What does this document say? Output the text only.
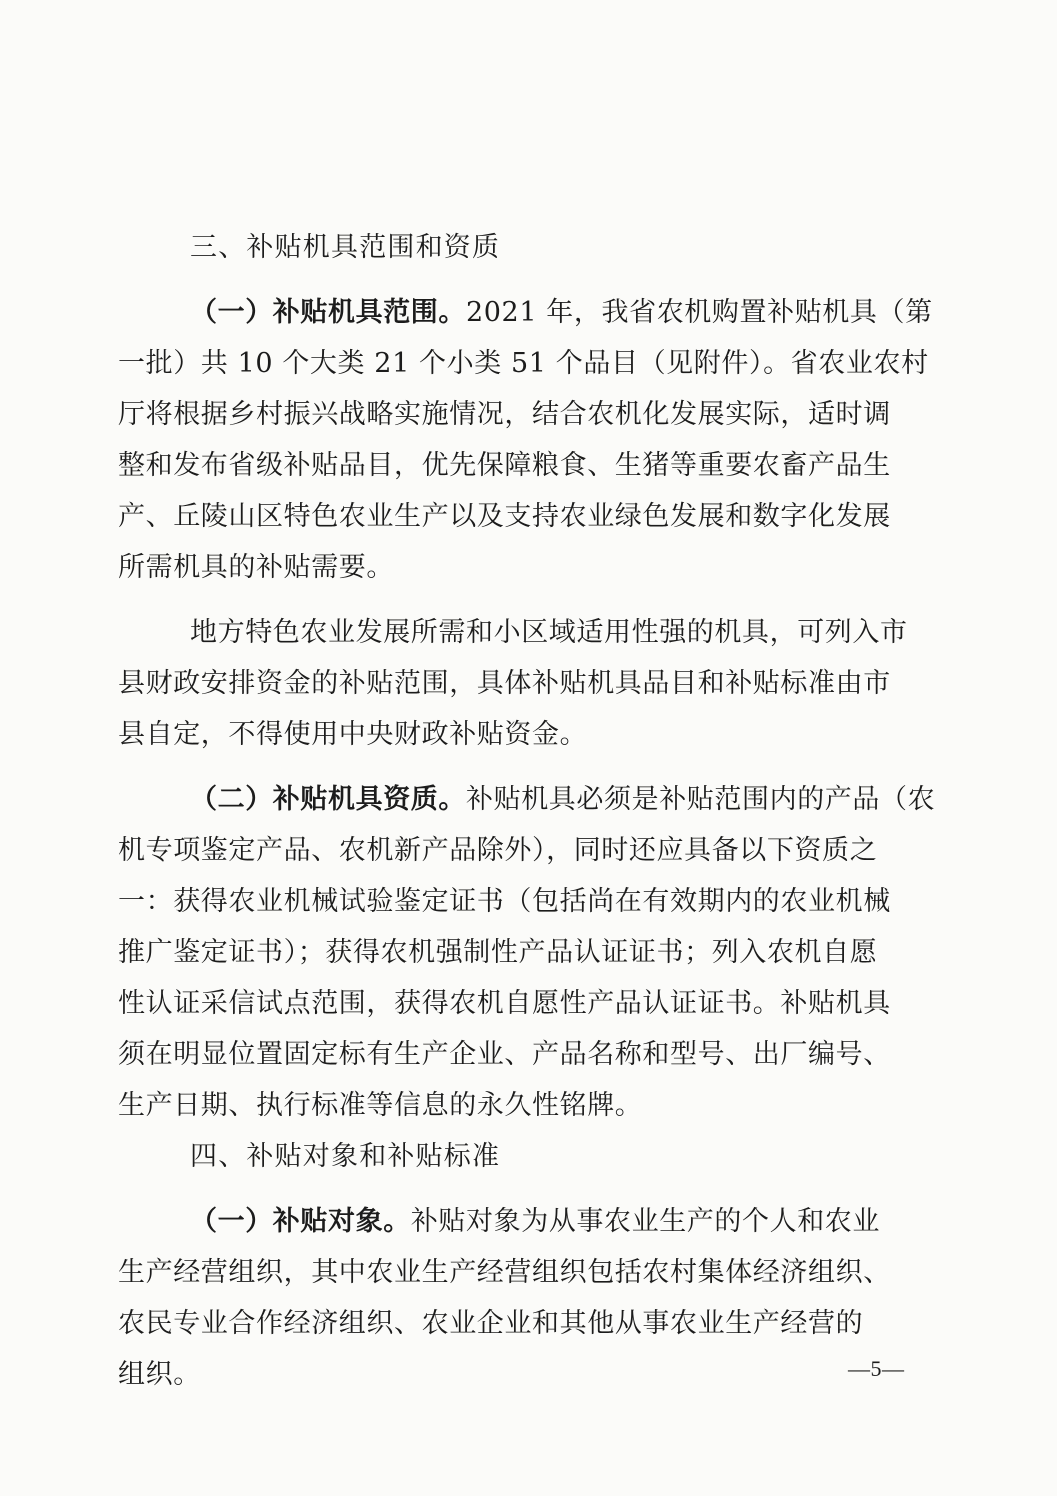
三、补贴机具范围和资质
（一）补贴机具范围。2021 年，我省农机购置补贴机具（第
一批）共 10 个大类 21 个小类 51 个品目（见附件）。省农业农村
厅将根据乡村振兴战略实施情况，结合农机化发展实际，适时调
整和发布省级补贴品目，优先保障粮食、生猪等重要农畜产品生
产、丘陵山区特色农业生产以及支持农业绿色发展和数字化发展
所需机具的补贴需要。
地方特色农业发展所需和小区域适用性强的机具，可列入市
县财政安排资金的补贴范围，具体补贴机具品目和补贴标准由市
县自定，不得使用中央财政补贴资金。
（二）补贴机具资质。补贴机具必须是补贴范围内的产品（农
机专项鉴定产品、农机新产品除外），同时还应具备以下资质之
一：获得农业机械试验鉴定证书（包括尚在有效期内的农业机械
推广鉴定证书）；获得农机强制性产品认证证书；列入农机自愿
性认证采信试点范围，获得农机自愿性产品认证证书。补贴机具
须在明显位置固定标有生产企业、产品名称和型号、出厂编号、
生产日期、执行标准等信息的永久性铭牌。
四、补贴对象和补贴标准
（一）补贴对象。补贴对象为从事农业生产的个人和农业
生产经营组织，其中农业生产经营组织包括农村集体经济组织、
农民专业合作经济组织、农业企业和其他从事农业生产经营的
组织。	—5—
